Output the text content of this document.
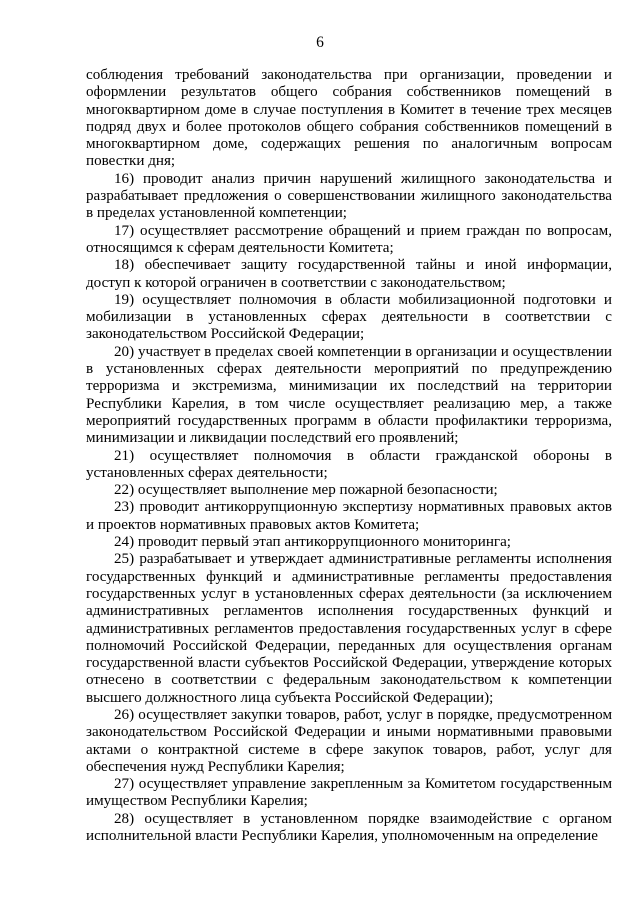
6

соблюдения требований законодательства при организации, проведении и оформлении результатов общего собрания собственников помещений в многоквартирном доме в случае поступления в Комитет в течение трех месяцев подряд двух и более протоколов общего собрания собственников помещений в многоквартирном доме, содержащих решения по аналогичным вопросам повестки дня;

16) проводит анализ причин нарушений жилищного законодательства и разрабатывает предложения о совершенствовании жилищного законодательства в пределах установленной компетенции;

17) осуществляет рассмотрение обращений и прием граждан по вопросам, относящимся к сферам деятельности Комитета;

18) обеспечивает защиту государственной тайны и иной информации, доступ к которой ограничен в соответствии с законодательством;

19) осуществляет полномочия в области мобилизационной подготовки и мобилизации в установленных сферах деятельности в соответствии с законодательством Российской Федерации;

20) участвует в пределах своей компетенции в организации и осуществлении в установленных сферах деятельности мероприятий по предупреждению терроризма и экстремизма, минимизации их последствий на территории Республики Карелия, в том числе осуществляет реализацию мер, а также мероприятий государственных программ в области профилактики терроризма, минимизации и ликвидации последствий его проявлений;

21) осуществляет полномочия в области гражданской обороны в установленных сферах деятельности;

22) осуществляет выполнение мер пожарной безопасности;

23) проводит антикоррупционную экспертизу нормативных правовых актов и проектов нормативных правовых актов Комитета;

24) проводит первый этап антикоррупционного мониторинга;

25) разрабатывает и утверждает административные регламенты исполнения государственных функций и административные регламенты предоставления государственных услуг в установленных сферах деятельности (за исключением административных регламентов исполнения государственных функций и административных регламентов предоставления государственных услуг в сфере полномочий Российской Федерации, переданных для осуществления органам государственной власти субъектов Российской Федерации, утверждение которых отнесено в соответствии с федеральным законодательством к компетенции высшего должностного лица субъекта Российской Федерации);

26) осуществляет закупки товаров, работ, услуг в порядке, предусмотренном законодательством Российской Федерации и иными нормативными правовыми актами о контрактной системе в сфере закупок товаров, работ, услуг для обеспечения нужд Республики Карелия;

27) осуществляет управление закрепленным за Комитетом государственным имуществом Республики Карелия;

28) осуществляет в установленном порядке взаимодействие с органом исполнительной власти Республики Карелия, уполномоченным на определение
